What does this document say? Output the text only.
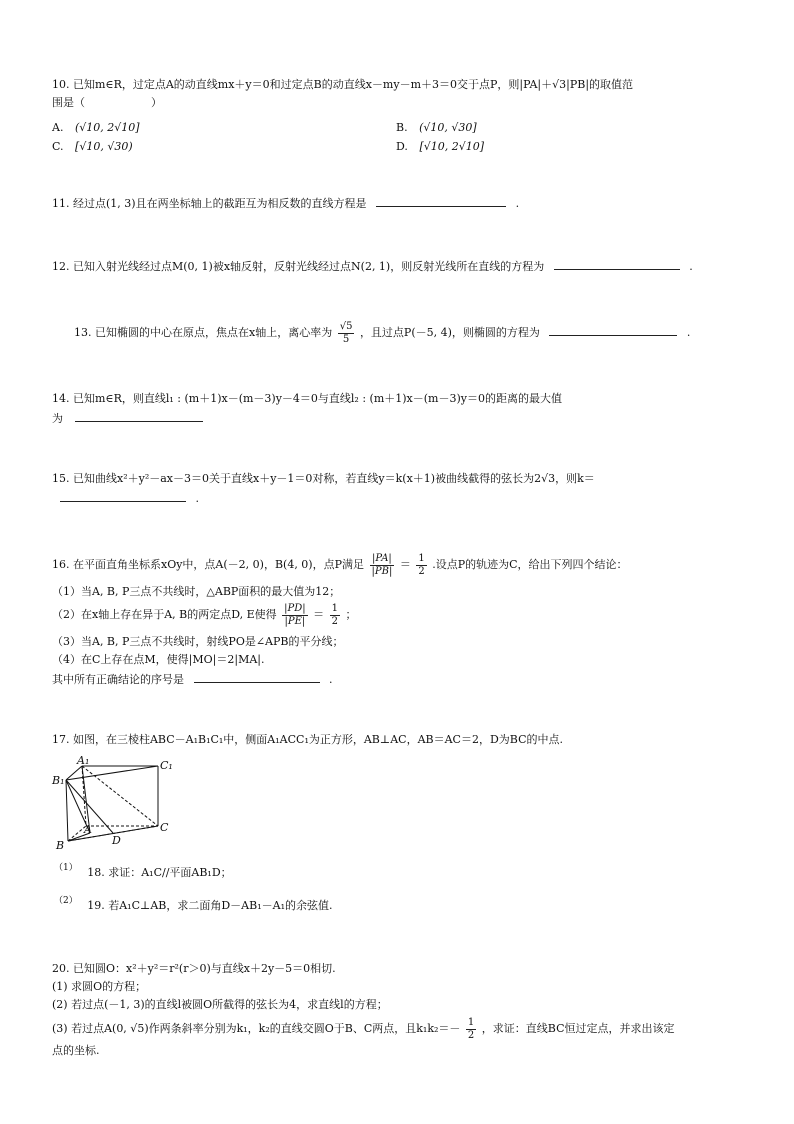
10. 已知m∈R，过定点A的动直线mx＋y＝0和过定点B的动直线x－my－m＋3＝0交于点P，则|PA|＋√3|PB|的取值范
围是（　　　　　　）
A. (√10, 2√10]	B. (√10, √30]
C. [√10, √30)	D. [√10, 2√10]
11. 经过点(1, 3)且在两坐标轴上的截距互为相反数的直线方程是	.
12. 已知入射光线经过点M(0, 1)被x轴反射，反射光线经过点N(2, 1)，则反射光线所在直线的方程为	.
13. 已知椭圆的中心在原点，焦点在x轴上，离心率为 $\frac{√5}{5}$ ，且过点P(－5, 4)，则椭圆的方程为	.
14. 已知m∈R，则直线l₁ : (m＋1)x－(m－3)y－4＝0与直线l₂ : (m＋1)x－(m－3)y＝0的距离的最大值
为
15. 已知曲线x²＋y²－ax－3＝0关于直线x＋y－1＝0对称，若直线y＝k(x＋1)被曲线截得的弦长为2√3，则k＝
.
16. 在平面直角坐标系xOy中，点A(－2, 0)，B(4, 0)，点P满足 $\frac{|PA|}{|PB|} = \frac{1}{2}$ .设点P的轨迹为C，给出下列四个结论：
（1）当A, B, P三点不共线时，△ABP面积的最大值为12；
（2）在x轴上存在异于A, B的两定点D, E使得 $\frac{|PD|}{|PE|} = \frac{1}{2}$ ；
（3）当A, B, P三点不共线时，射线PO是∠APB的平分线；
（4）在C上存在点M，使得|MO|＝2|MA|.
其中所有正确结论的序号是	.
17. 如图，在三棱柱ABC－A₁B₁C₁中，侧面A₁ACC₁为正方形，AB⊥AC，AB＝AC＝2，D为BC的中点.
A₁	C₁
B₁
A	C
B	D
（1） 18. 求证：A₁C//平面AB₁D；
（2） 19. 若A₁C⊥AB，求二面角D－AB₁－A₁的余弦值.
20. 已知圆O：x²＋y²＝r²(r＞0)与直线x＋2y－5＝0相切.
(1) 求圆O的方程；
(2) 若过点(－1, 3)的直线l被圆O所截得的弦长为4，求直线l的方程；
(3) 若过点A(0, √5)作两条斜率分别为k₁，k₂的直线交圆O于B、C两点，且$k_1k_2=- \frac{1}{2}$ ，求证：直线BC恒过定点，并求出该定
点的坐标.
